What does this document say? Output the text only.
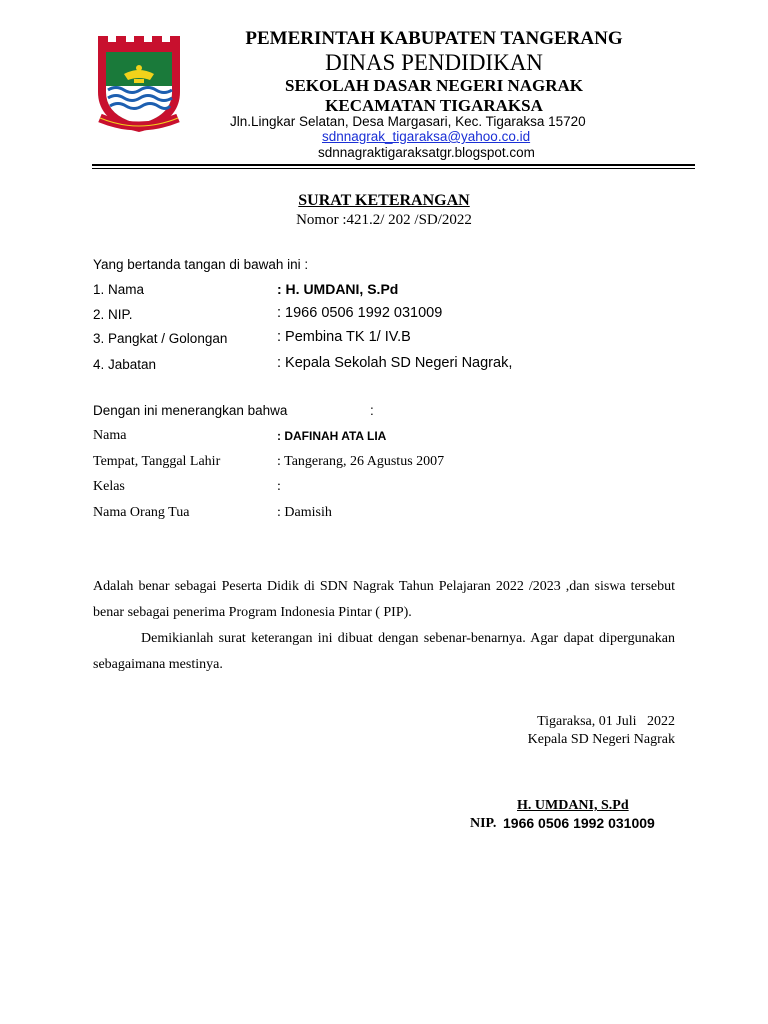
PEMERINTAH KABUPATEN TANGERANG
DINAS PENDIDIKAN
SEKOLAH DASAR NEGERI NAGRAK
KECAMATAN TIGARAKSA
Jln.Lingkar Selatan, Desa Margasari, Kec. Tigaraksa 15720
sdnnagrak_tigaraksa@yahoo.co.id
sdnnagraktigaraksatgr.blogspot.com
SURAT KETERANGAN
Nomor :421.2/ 202 /SD/2022
Yang bertanda tangan di bawah ini :
1. Nama	: H. UMDANI, S.Pd
2. NIP.	: 1966 0506 1992 031009
3. Pangkat / Golongan	: Pembina TK 1/ IV.B
4. Jabatan	: Kepala Sekolah SD Negeri Nagrak,
Dengan ini menerangkan bahwa	:
Nama	: DAFINAH ATA LIA
Tempat, Tanggal Lahir	: Tangerang, 26 Agustus 2007
Kelas	:
Nama Orang Tua	: Damisih
Adalah benar sebagai Peserta Didik di SDN Nagrak Tahun Pelajaran 2022 /2023 ,dan siswa tersebut benar sebagai penerima Program Indonesia Pintar ( PIP).
Demikianlah surat keterangan ini dibuat dengan sebenar-benarnya. Agar dapat dipergunakan sebagaimana mestinya.
Tigaraksa, 01 Juli   2022
Kepala SD Negeri Nagrak
H. UMDANI, S.Pd
NIP. 1966 0506 1992 031009
